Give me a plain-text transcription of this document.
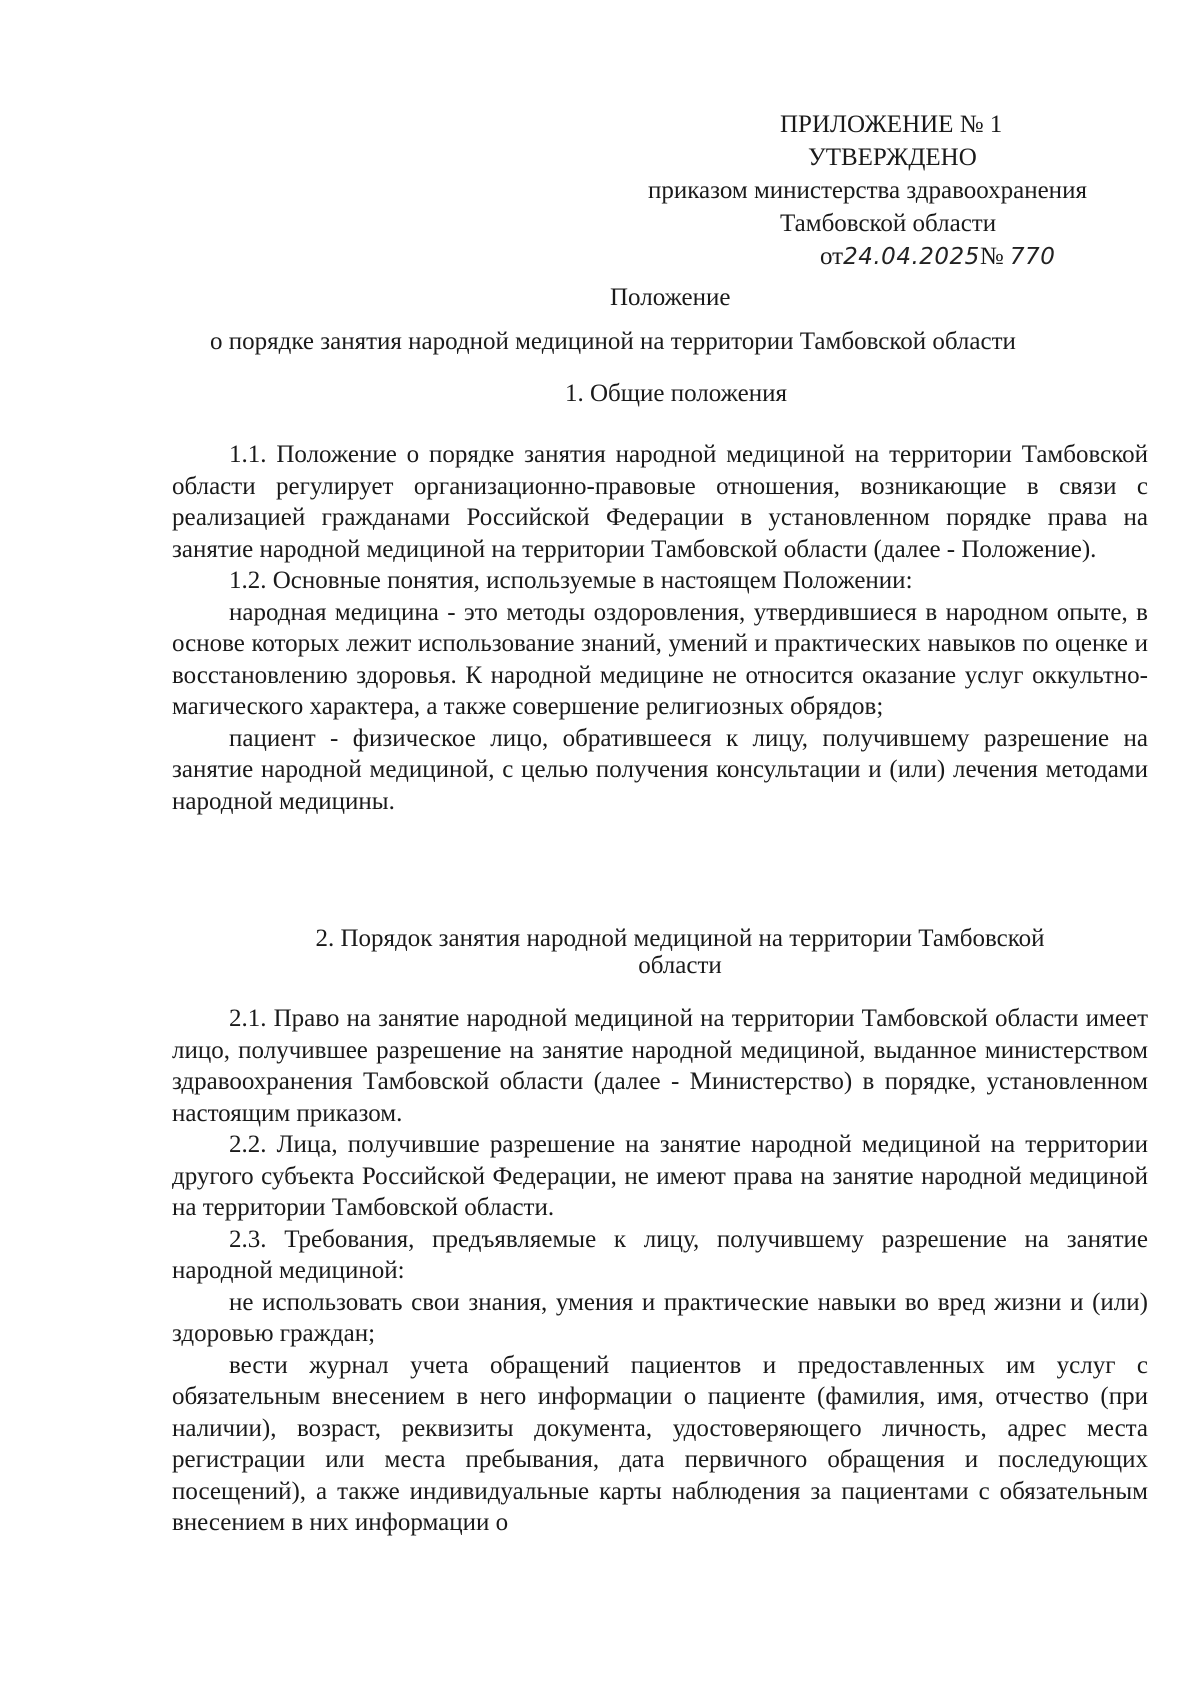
ПРИЛОЖЕНИЕ № 1
УТВЕРЖДЕНО
приказом министерства здравоохранения
Тамбовской области
от24.04.2025№ 770
Положение
о порядке занятия народной медициной на территории Тамбовской области
1. Общие положения

1.1. Положение о порядке занятия народной медициной на территории Тамбовской области регулирует организационно-правовые отношения, возникающие в связи с реализацией гражданами Российской Федерации в установленном порядке права на занятие народной медициной на территории Тамбовской области (далее - Положение).

1.2. Основные понятия, используемые в настоящем Положении:

народная медицина - это методы оздоровления, утвердившиеся в народном опыте, в основе которых лежит использование знаний, умений и практических навыков по оценке и восстановлению здоровья. К народной медицине не относится оказание услуг оккультно-магического характера, а также совершение религиозных обрядов;

пациент - физическое лицо, обратившееся к лицу, получившему разрешение на занятие народной медициной, с целью получения консультации и (или) лечения методами народной медицины.

2. Порядок занятия народной медициной на территории Тамбовской
области

2.1. Право на занятие народной медициной на территории Тамбовской области имеет лицо, получившее разрешение на занятие народной медициной, выданное министерством здравоохранения Тамбовской области (далее - Министерство) в порядке, установленном настоящим приказом.

2.2. Лица, получившие разрешение на занятие народной медициной на территории другого субъекта Российской Федерации, не имеют права на занятие народной медициной на территории Тамбовской области.

2.3. Требования, предъявляемые к лицу, получившему разрешение на занятие народной медициной:

не использовать свои знания, умения и практические навыки во вред жизни и (или) здоровью граждан;

вести журнал учета обращений пациентов и предоставленных им услуг с обязательным внесением в него информации о пациенте (фамилия, имя, отчество (при наличии), возраст, реквизиты документа, удостоверяющего личность, адрес места регистрации или места пребывания, дата первичного обращения и последующих посещений), а также индивидуальные карты наблюдения за пациентами с обязательным внесением в них информации о
